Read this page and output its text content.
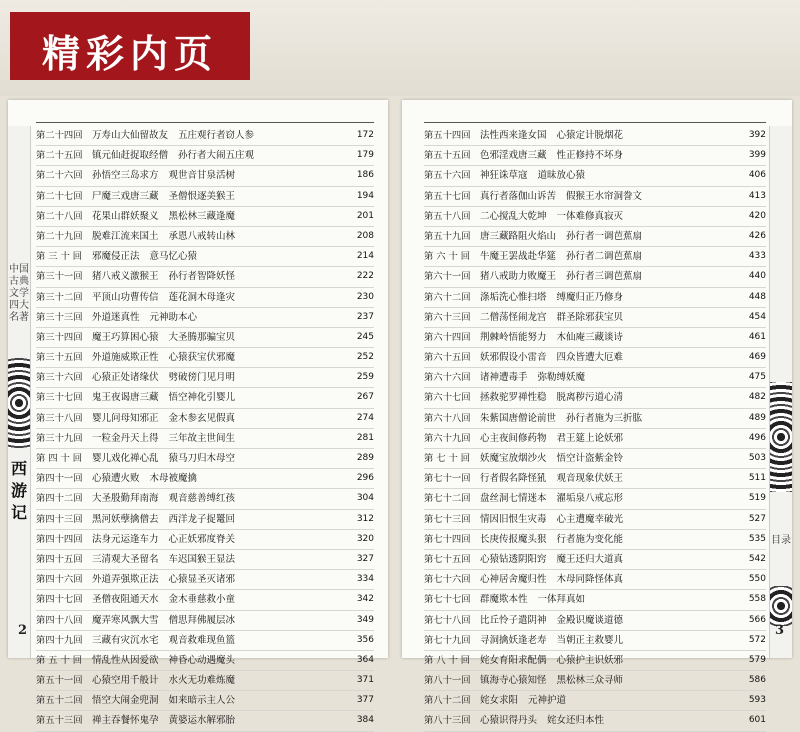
精彩内页
中国古典文学四大名著
西游记
2
第二十四回	万寿山大仙留故友 五庄观行者窃人参	172
第二十五回	镇元仙赶捉取经僧 孙行者大闹五庄观	179
第二十六回	孙悟空三岛求方 观世音甘泉活树	186
第二十七回	尸魔三戏唐三藏 圣僧恨逐美猴王	194
第二十八回	花果山群妖聚义 黑松林三藏逢魔	201
第二十九回	脱难江流来国土 承恩八戒转山林	208
第 三 十 回	邪魔侵正法 意马忆心猿	214
第三十一回	猪八戒义激猴王 孙行者智降妖怪	222
第三十二回	平顶山功曹传信 莲花洞木母逢灾	230
第三十三回	外道迷真性 元神助本心	237
第三十四回	魔王巧算困心猿 大圣腾那骗宝贝	245
第三十五回	外道施威欺正性 心猿获宝伏邪魔	252
第三十六回	心猿正处诸缘伏 劈破傍门见月明	259
第三十七回	鬼王夜谒唐三藏 悟空神化引婴儿	267
第三十八回	婴儿问母知邪正 金木参玄见假真	274
第三十九回	一粒金丹天上得 三年故主世间生	281
第 四 十 回	婴儿戏化禅心乱 猿马刀归木母空	289
第四十一回	心猿遭火败 木母被魔擒	296
第四十二回	大圣殷勤拜南海 观音慈善缚红孩	304
第四十三回	黑河妖孽擒僧去 西洋龙子捉鼍回	312
第四十四回	法身元运逢车力 心正妖邪度脊关	320
第四十五回	三清观大圣留名 车迟国猴王显法	327
第四十六回	外道弄强欺正法 心猿显圣灭诸邪	334
第四十七回	圣僧夜阻通天水 金木垂慈救小童	342
第四十八回	魔弄寒风飘大雪 僧思拜佛履层冰	349
第四十九回	三藏有灾沉水宅 观音救难现鱼篮	356
第 五 十 回	情乱性从因爱欲 神昏心动遇魔头	364
第五十一回	心猿空用千般计 水火无功难炼魔	371
第五十二回	悟空大闹金兜洞 如来暗示主人公	377
第五十三回	禅主吞餐怀鬼孕 黄婆运水解邪胎	384
目录
3
第五十四回	法性西来逢女国 心猿定计脱烟花	392
第五十五回	色邪淫戏唐三藏 性正修持不坏身	399
第五十六回	神狂诛草寇 道昧放心猿	406
第五十七回	真行者落伽山诉苦 假猴王水帘洞誊文	413
第五十八回	二心搅乱大乾坤 一体难修真寂灭	420
第五十九回	唐三藏路阻火焰山 孙行者一调芭蕉扇	426
第 六 十 回	牛魔王罢战赴华筵 孙行者二调芭蕉扇	433
第六十一回	猪八戒助力败魔王 孙行者三调芭蕉扇	440
第六十二回	涤垢洗心惟扫塔 缚魔归正乃修身	448
第六十三回	二僧荡怪闹龙宫 群圣除邪获宝贝	454
第六十四回	荆棘岭悟能努力 木仙庵三藏谈诗	461
第六十五回	妖邪假设小雷音 四众皆遭大厄难	469
第六十六回	诸神遭毒手 弥勒缚妖魔	475
第六十七回	拯救驼罗禅性稳 脱离秽污道心清	482
第六十八回	朱紫国唐僧论前世 孙行者施为三折肱	489
第六十九回	心主夜间修药物 君王筵上论妖邪	496
第 七 十 回	妖魔宝放烟沙火 悟空计盗紫金铃	503
第七十一回	行者假名降怪犼 观音现象伏妖王	511
第七十二回	盘丝洞七情迷本 濯垢泉八戒忘形	519
第七十三回	情因旧恨生灾毒 心主遭魔幸破光	527
第七十四回	长庚传报魔头狠 行者施为变化能	535
第七十五回	心猿钻透阴阳窍 魔王还归大道真	542
第七十六回	心神居舍魔归性 木母同降怪体真	550
第七十七回	群魔欺本性 一体拜真如	558
第七十八回	比丘怜子遣阴神 金殿识魔谈道德	566
第七十九回	寻洞擒妖逢老寿 当朝正主救婴儿	572
第 八 十 回	姹女育阳求配偶 心猿护主识妖邪	579
第八十一回	镇海寺心猿知怪 黑松林三众寻师	586
第八十二回	姹女求阳 元神护道	593
第八十三回	心猿识得丹头 姹女还归本性	601
